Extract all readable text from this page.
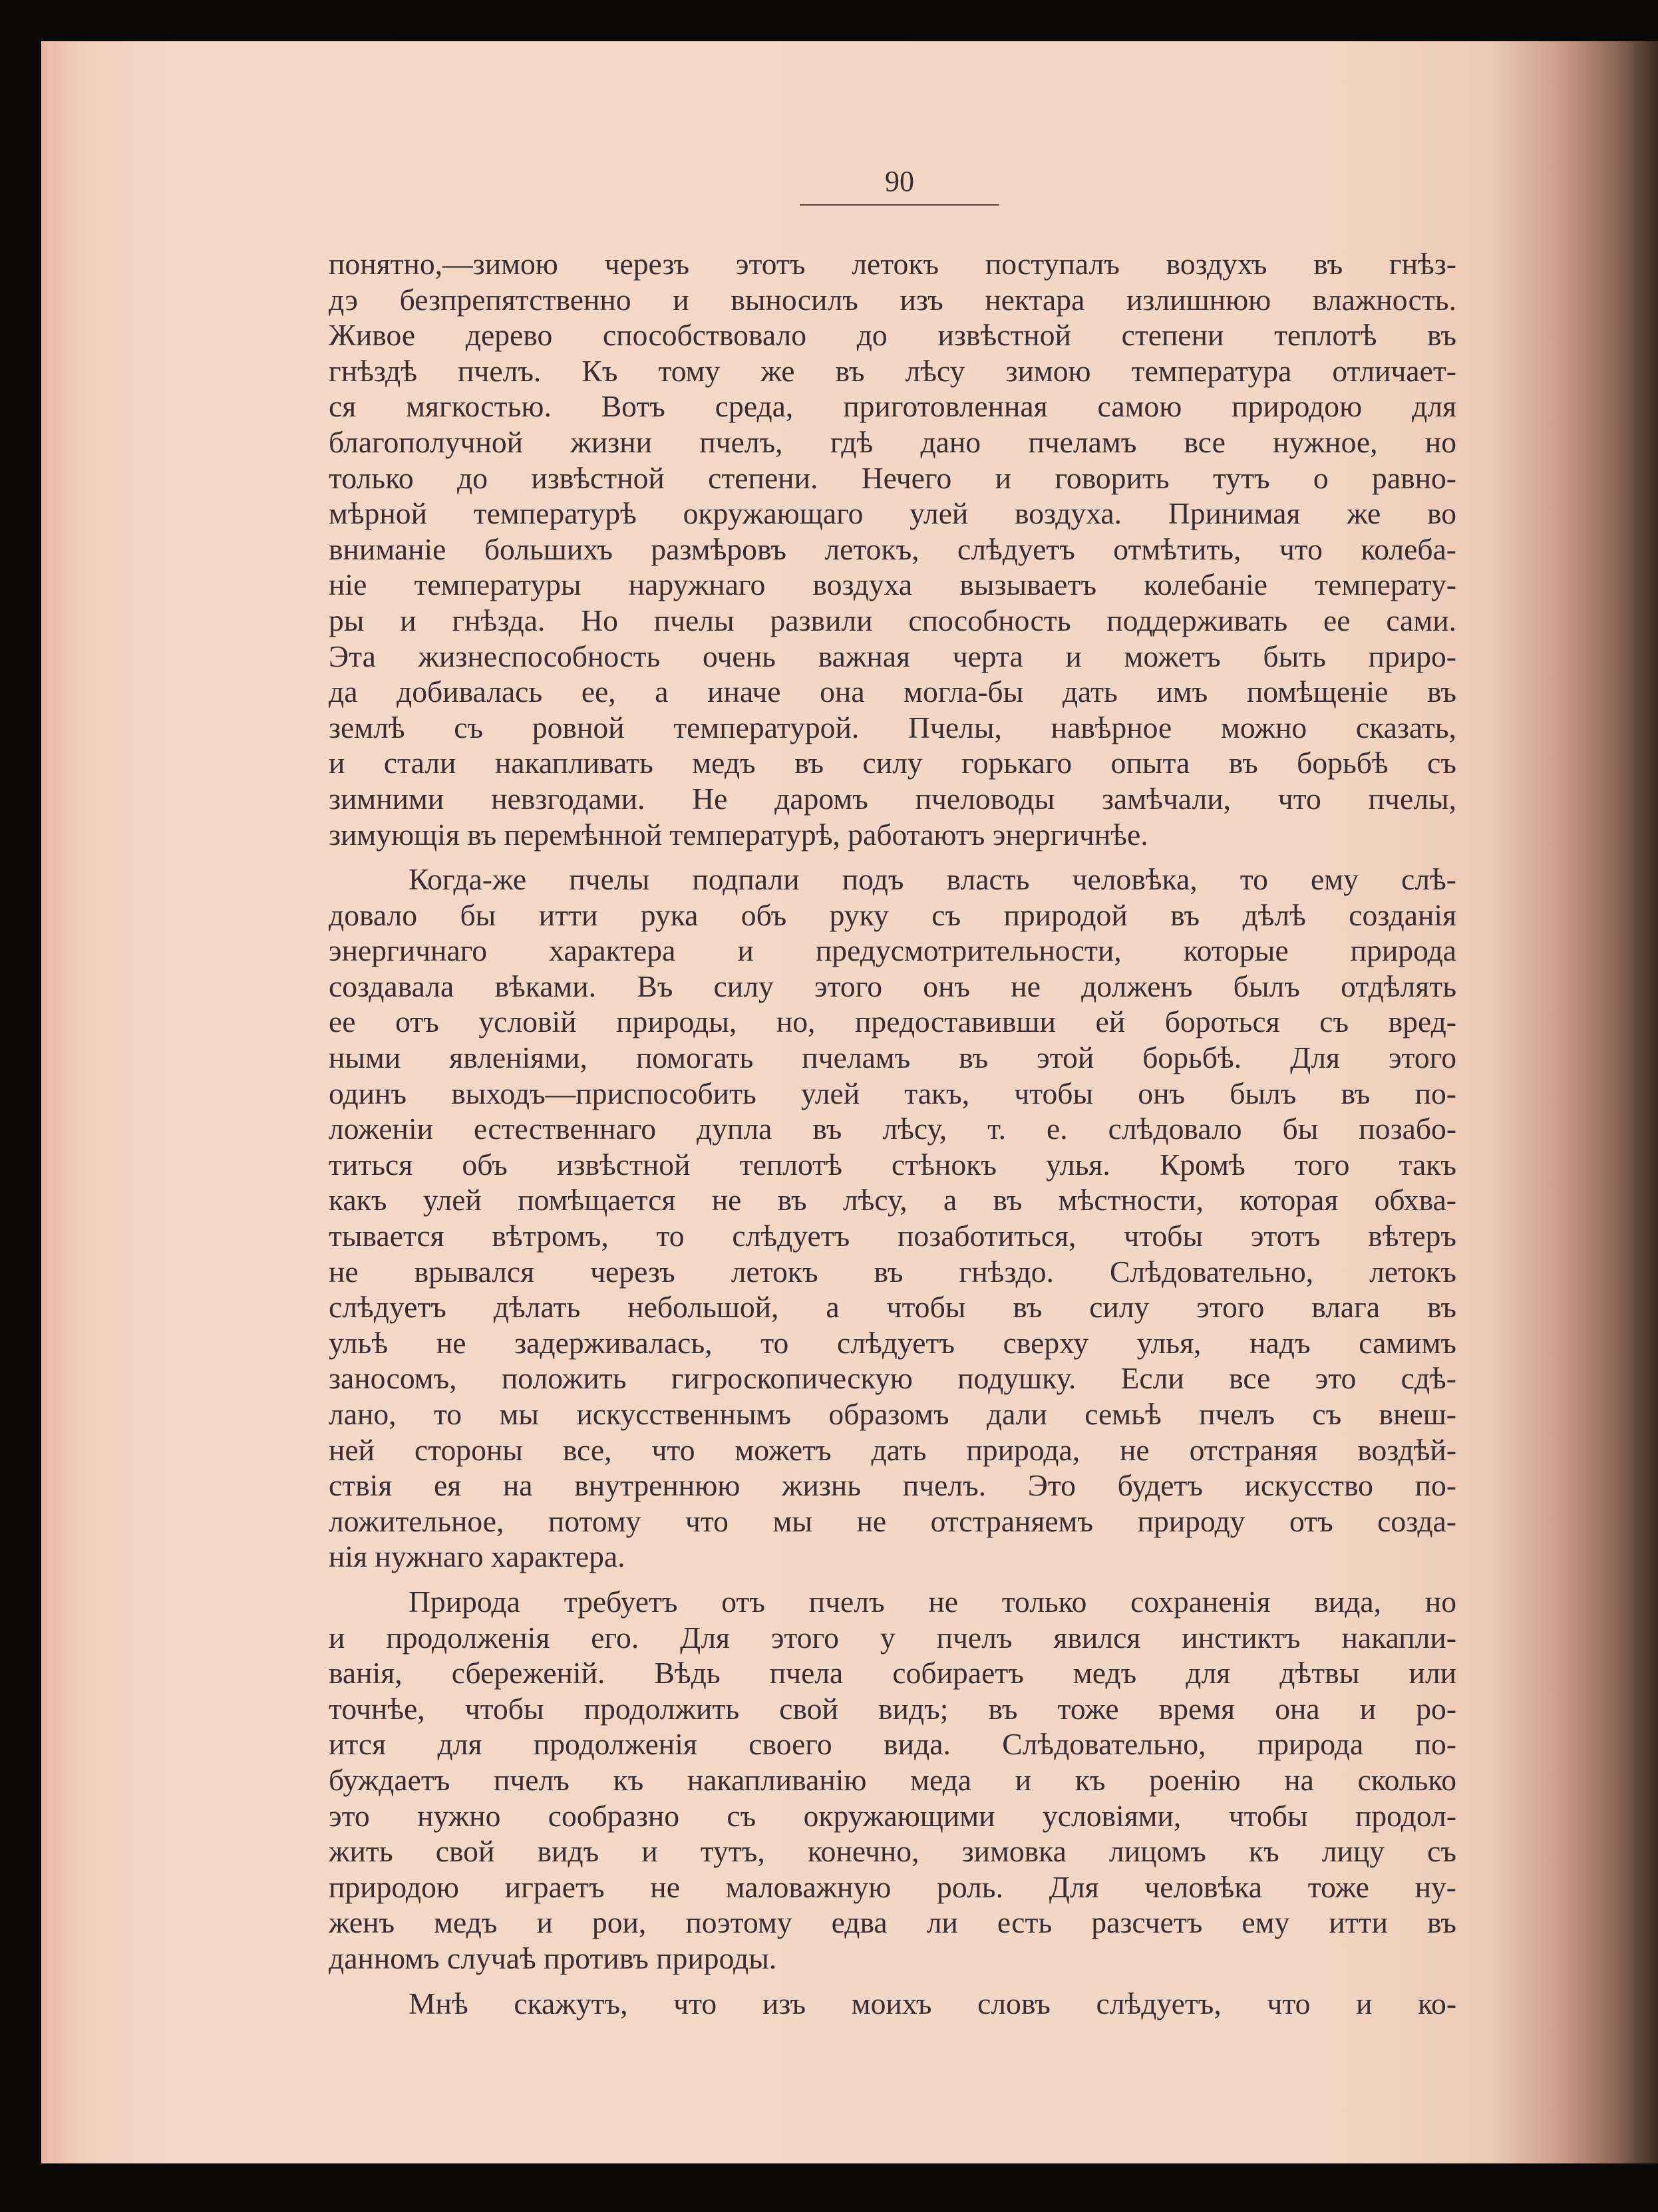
90
понятно,—зимою черезъ этотъ летокъ поступалъ воздухъ въ гнѣз-
дэ безпрепятственно и выносилъ изъ нектара излишнюю влажность.
Живое дерево способствовало до извѣстной степени теплотѣ въ
гнѣздѣ пчелъ. Къ тому же въ лѣсу зимою температура отличает-
ся мягкостью. Вотъ среда, приготовленная самою природою для
благополучной жизни пчелъ, гдѣ дано пчеламъ все нужное, но
только до извѣстной степени. Нечего и говорить тутъ о равно-
мѣрной температурѣ окружающаго улей воздуха. Принимая же во
вниманіе большихъ размѣровъ летокъ, слѣдуетъ отмѣтить, что колеба-
ніе температуры наружнаго воздуха вызываетъ колебаніе температу-
ры и гнѣзда. Но пчелы развили способность поддерживать ее сами.
Эта жизнеспособность очень важная черта и можетъ быть приро-
да добивалась ее, а иначе она могла-бы дать имъ помѣщеніе въ
землѣ съ ровной температурой. Пчелы, навѣрное можно сказать,
и стали накапливать медъ въ силу горькаго опыта въ борьбѣ съ
зимними невзгодами. Не даромъ пчеловоды замѣчали, что пчелы,
зимующія въ перемѣнной температурѣ, работаютъ энергичнѣе.
Когда-же пчелы подпали подъ власть человѣка, то ему слѣ-
довало бы итти рука объ руку съ природой въ дѣлѣ созданія
энергичнаго характера и предусмотрительности, которые природа
создавала вѣками. Въ силу этого онъ не долженъ былъ отдѣлять
ее отъ условій природы, но, предоставивши ей бороться съ вред-
ными явленіями, помогать пчеламъ въ этой борьбѣ. Для этого
одинъ выходъ—приспособить улей такъ, чтобы онъ былъ въ по-
ложеніи естественнаго дупла въ лѣсу, т. е. слѣдовало бы позабо-
титься объ извѣстной теплотѣ стѣнокъ улья. Кромѣ того такъ
какъ улей помѣщается не въ лѣсу, а въ мѣстности, которая обхва-
тывается вѣтромъ, то слѣдуетъ позаботиться, чтобы этотъ вѣтеръ
не врывался черезъ летокъ въ гнѣздо. Слѣдовательно, летокъ
слѣдуетъ дѣлать небольшой, а чтобы въ силу этого влага въ
ульѣ не задерживалась, то слѣдуетъ сверху улья, надъ самимъ
заносомъ, положить гигроскопическую подушку. Если все это сдѣ-
лано, то мы искусственнымъ образомъ дали семьѣ пчелъ съ внеш-
ней стороны все, что можетъ дать природа, не отстраняя воздѣй-
ствія ея на внутреннюю жизнь пчелъ. Это будетъ искусство по-
ложительное, потому что мы не отстраняемъ природу отъ созда-
нія нужнаго характера.
Природа требуетъ отъ пчелъ не только сохраненія вида, но
и продолженія его. Для этого у пчелъ явился инстиктъ накапли-
ванія, сбереженій. Вѣдь пчела собираетъ медъ для дѣтвы или
точнѣе, чтобы продолжить свой видъ; въ тоже время она и ро-
ится для продолженія своего вида. Слѣдовательно, природа по-
буждаетъ пчелъ къ накапливанію меда и къ роенію на сколько
это нужно сообразно съ окружающими условіями, чтобы продол-
жить свой видъ и тутъ, конечно, зимовка лицомъ къ лицу съ
природою играетъ не маловажную роль. Для человѣка тоже ну-
женъ медъ и рои, поэтому едва ли есть разсчетъ ему итти въ
данномъ случаѣ противъ природы.
Мнѣ скажутъ, что изъ моихъ словъ слѣдуетъ, что и ко-
